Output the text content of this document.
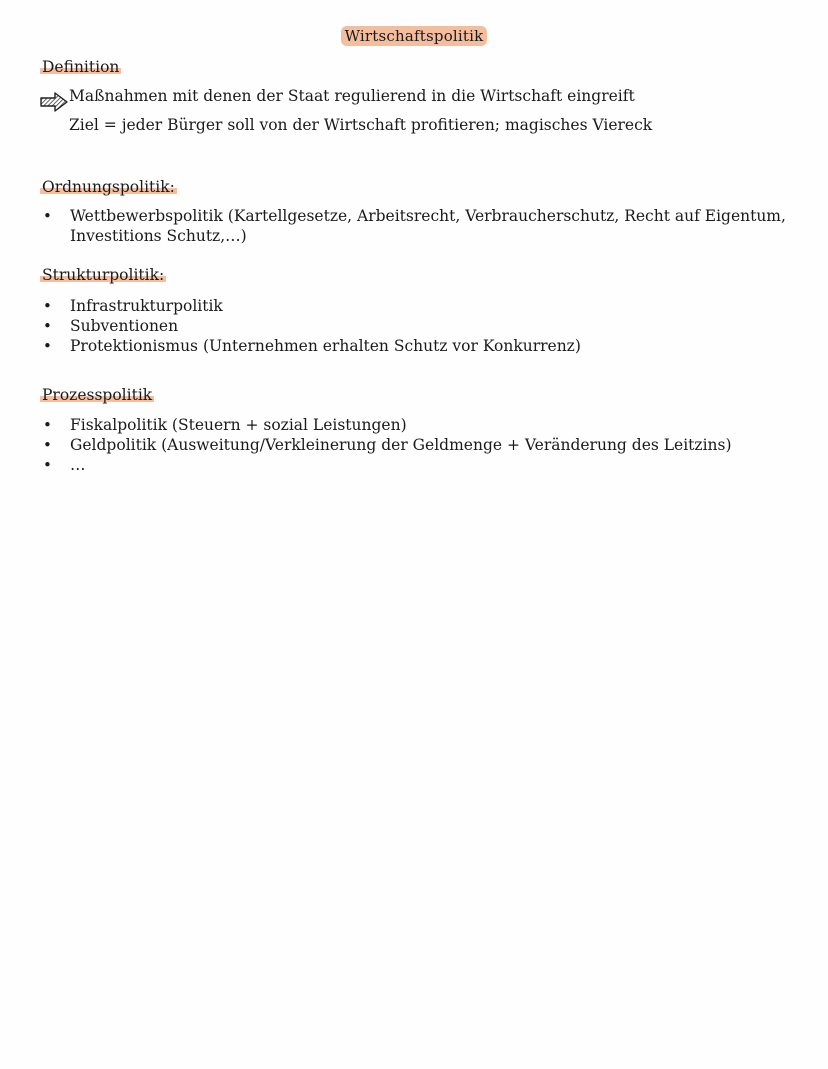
Wirtschaftspolitik
Definition
Maßnahmen mit denen der Staat regulierend in die Wirtschaft eingreift
Ziel = jeder Bürger soll von der Wirtschaft profitieren; magisches Viereck
Ordnungspolitik:
• Wettbewerbspolitik (Kartellgesetze, Arbeitsrecht, Verbraucherschutz, Recht auf Eigentum,
Investitions Schutz,…)
Strukturpolitik:
• Infrastrukturpolitik
• Subventionen
• Protektionismus (Unternehmen erhalten Schutz vor Konkurrenz)
Prozesspolitik
• Fiskalpolitik (Steuern + sozial Leistungen)
• Geldpolitik (Ausweitung/Verkleinerung der Geldmenge + Veränderung des Leitzins)
• …
